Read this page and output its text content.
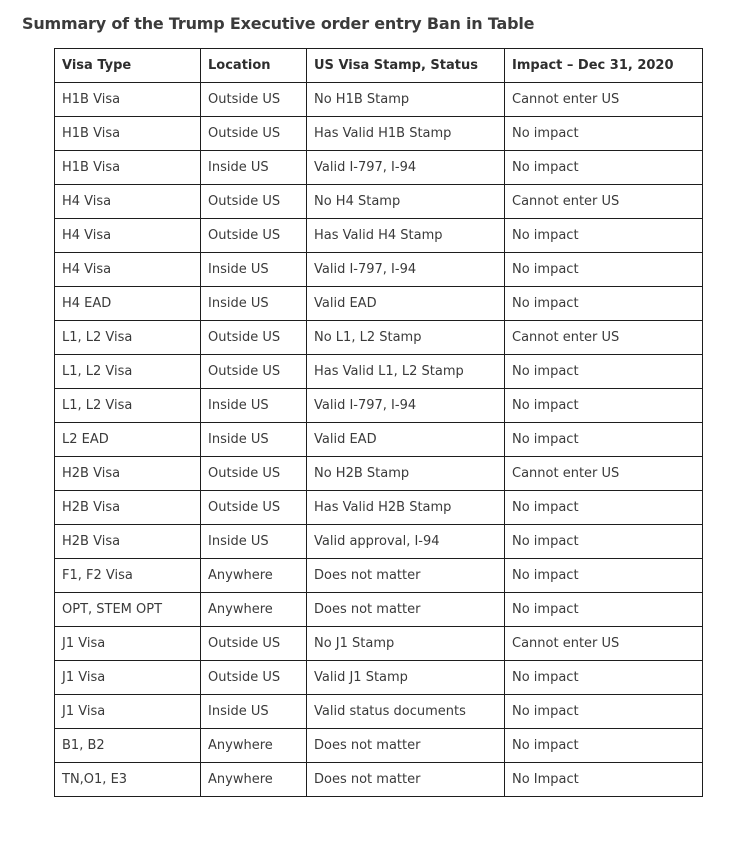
Summary of the Trump Executive order entry Ban in Table
Visa Type	Location	US Visa Stamp, Status	Impact – Dec 31, 2020
H1B Visa	Outside US	No H1B Stamp	Cannot enter US
H1B Visa	Outside US	Has Valid H1B Stamp	No impact
H1B Visa	Inside US	Valid I-797, I-94	No impact
H4 Visa	Outside US	No H4 Stamp	Cannot enter US
H4 Visa	Outside US	Has Valid H4 Stamp	No impact
H4 Visa	Inside US	Valid I-797, I-94	No impact
H4 EAD	Inside US	Valid EAD	No impact
L1, L2 Visa	Outside US	No L1, L2 Stamp	Cannot enter US
L1, L2 Visa	Outside US	Has Valid L1, L2 Stamp	No impact
L1, L2 Visa	Inside US	Valid I-797, I-94	No impact
L2 EAD	Inside US	Valid EAD	No impact
H2B Visa	Outside US	No H2B Stamp	Cannot enter US
H2B Visa	Outside US	Has Valid H2B Stamp	No impact
H2B Visa	Inside US	Valid approval, I-94	No impact
F1, F2 Visa	Anywhere	Does not matter	No impact
OPT, STEM OPT	Anywhere	Does not matter	No impact
J1 Visa	Outside US	No J1 Stamp	Cannot enter US
J1 Visa	Outside US	Valid J1 Stamp	No impact
J1 Visa	Inside US	Valid status documents	No impact
B1, B2	Anywhere	Does not matter	No impact
TN,O1, E3	Anywhere	Does not matter	No Impact
